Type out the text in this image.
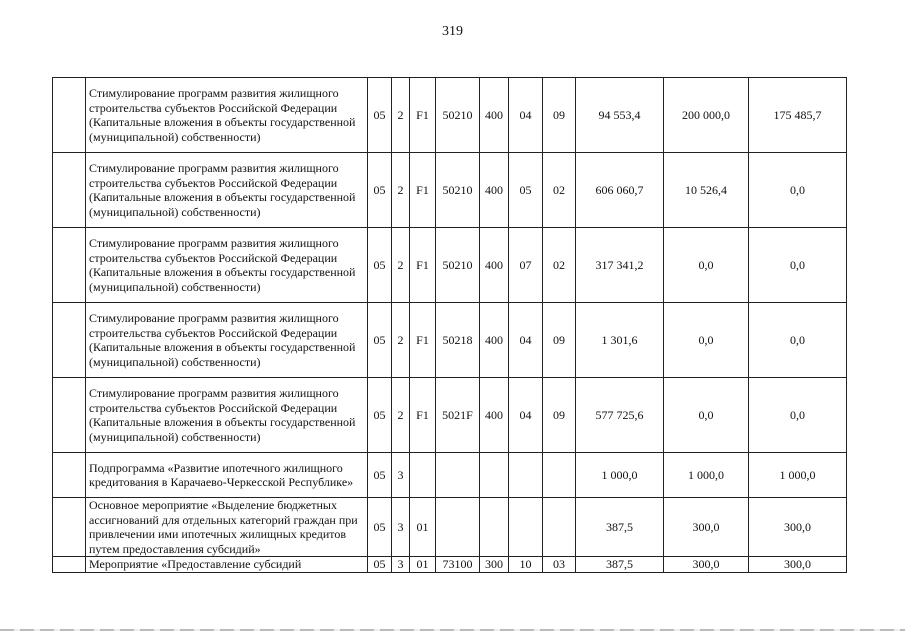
319
	Стимулирование программ развития жилищного строительства субъектов Российской Федерации (Капитальные вложения в объекты государственной (муниципальной) собственности)	05	2	F1	50210	400	04	09	94 553,4	200 000,0	175 485,7
	Стимулирование программ развития жилищного строительства субъектов Российской Федерации (Капитальные вложения в объекты государственной (муниципальной) собственности)	05	2	F1	50210	400	05	02	606 060,7	10 526,4	0,0
	Стимулирование программ развития жилищного строительства субъектов Российской Федерации (Капитальные вложения в объекты государственной (муниципальной) собственности)	05	2	F1	50210	400	07	02	317 341,2	0,0	0,0
	Стимулирование программ развития жилищного строительства субъектов Российской Федерации (Капитальные вложения в объекты государственной (муниципальной) собственности)	05	2	F1	50218	400	04	09	1 301,6	0,0	0,0
	Стимулирование программ развития жилищного строительства субъектов Российской Федерации (Капитальные вложения в объекты государственной (муниципальной) собственности)	05	2	F1	5021F	400	04	09	577 725,6	0,0	0,0
	Подпрограмма «Развитие ипотечного жилищного кредитования в Карачаево-Черкесской Республике»	05	3						1 000,0	1 000,0	1 000,0
	Основное мероприятие «Выделение бюджетных ассигнований для отдельных категорий граждан при привлечении ими ипотечных жилищных кредитов путем предоставления субсидий»	05	3	01					387,5	300,0	300,0
	Мероприятие «Предоставление субсидий	05	3	01	73100	300	10	03	387,5	300,0	300,0
